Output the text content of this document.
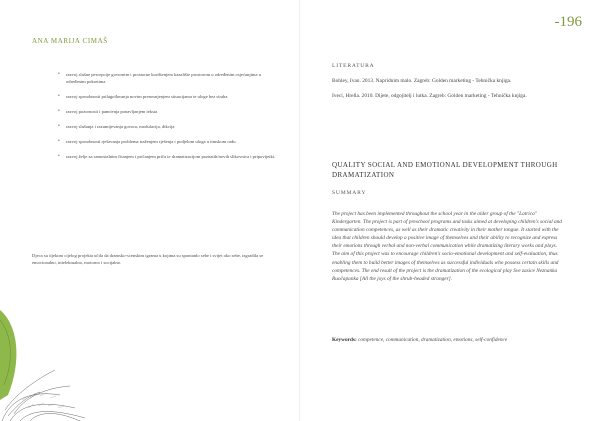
ANA MARIJA CIMAŠ
• razvoj slušne percepcije govornim i prostorne korištenjem kazalište prostorom u određenim osjećanjima u određenim pokretima
• razvoj sposobnosti prilagođavanja novim prenosnjenjem situacijama te uloge bez straha
• razvoj pozornosti i pamćenja ponavljanjem teksta
• razvoj slušanja i razumijevanja govora, modulacija, dikcija
• razvoj sposobnosti rješavanja problema traženjem rješenja i podjelom uloga u timskom radu
• razvoj želje za samostalnim čitanjem i pričanjem priča te dramatizacijom poznatih/novih slikovnica i pripovijetki.

Djeca su tijekom cijelog projekta učila da dramsko-scenskim igrama u kojima su spontanlo sebe i svijet oko sebe, izgradila se emocionalno, intelektualno, motorno i socijalno.

-196
LITERATURA
Bohley, Ivan. 2013. Napridnim malo. Zagreb: Golden marketing - Tehnička knjiga.
Iveci, Hrella. 2010. Dijete, odgojitelj i lutka. Zagreb: Golden marketing - Tehnička knjiga.
QUALITY SOCIAL AND EMOTIONAL DEVELOPMENT THROUGH DRAMATIZATION
SUMMARY

The project has been implemented throughout the school year in the older group of the "Latrica" Kindergarten. The project is part of preschool programs and tasks aimed at developing children's social and communication competences, as well as their dramatic creativity in their mother tongue. It started with the idea that children should develop a positive image of themselves and their ability to recognize and express their emotions through verbal and non-verbal communication while dramatizing literary works and plays. The aim of this project was to encourage children's socio-emotional development and self-evaluation, thus enabling them to build better images of themselves as successful individuals who possess certain skills and competences. The end result of the project is the dramatization of the ecological play Sve zasice Neznanka Ruočapanka [All the joys of the shrub-headed stranger].

Keywords: competence, communication, dramatization, emotions, self-confidence
